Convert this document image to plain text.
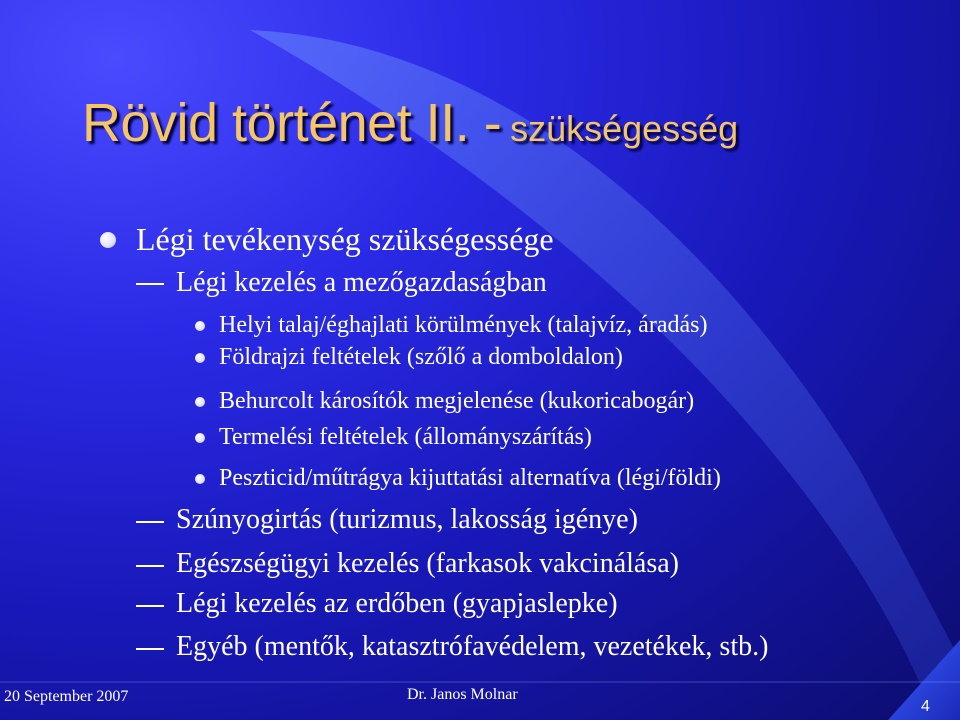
Rövid történet II. - szükségesség
Légi tevékenység szükségessége
Légi kezelés a mezőgazdaságban
Helyi talaj/éghajlati körülmények (talajvíz, áradás)
Földrajzi feltételek (szőlő a domboldalon)
Behurcolt károsítók megjelenése (kukoricabogár)
Termelési feltételek (állományszárítás)
Peszticid/műtrágya kijuttatási alternatíva (légi/földi)
Szúnyogirtás (turizmus, lakosság igénye)
Egészségügyi kezelés (farkasok vakcinálása)
Légi kezelés az erdőben (gyapjaslepke)
Egyéb (mentők, katasztrófavédelem, vezetékek, stb.)
20 September 2007	Dr. Janos Molnar
4
